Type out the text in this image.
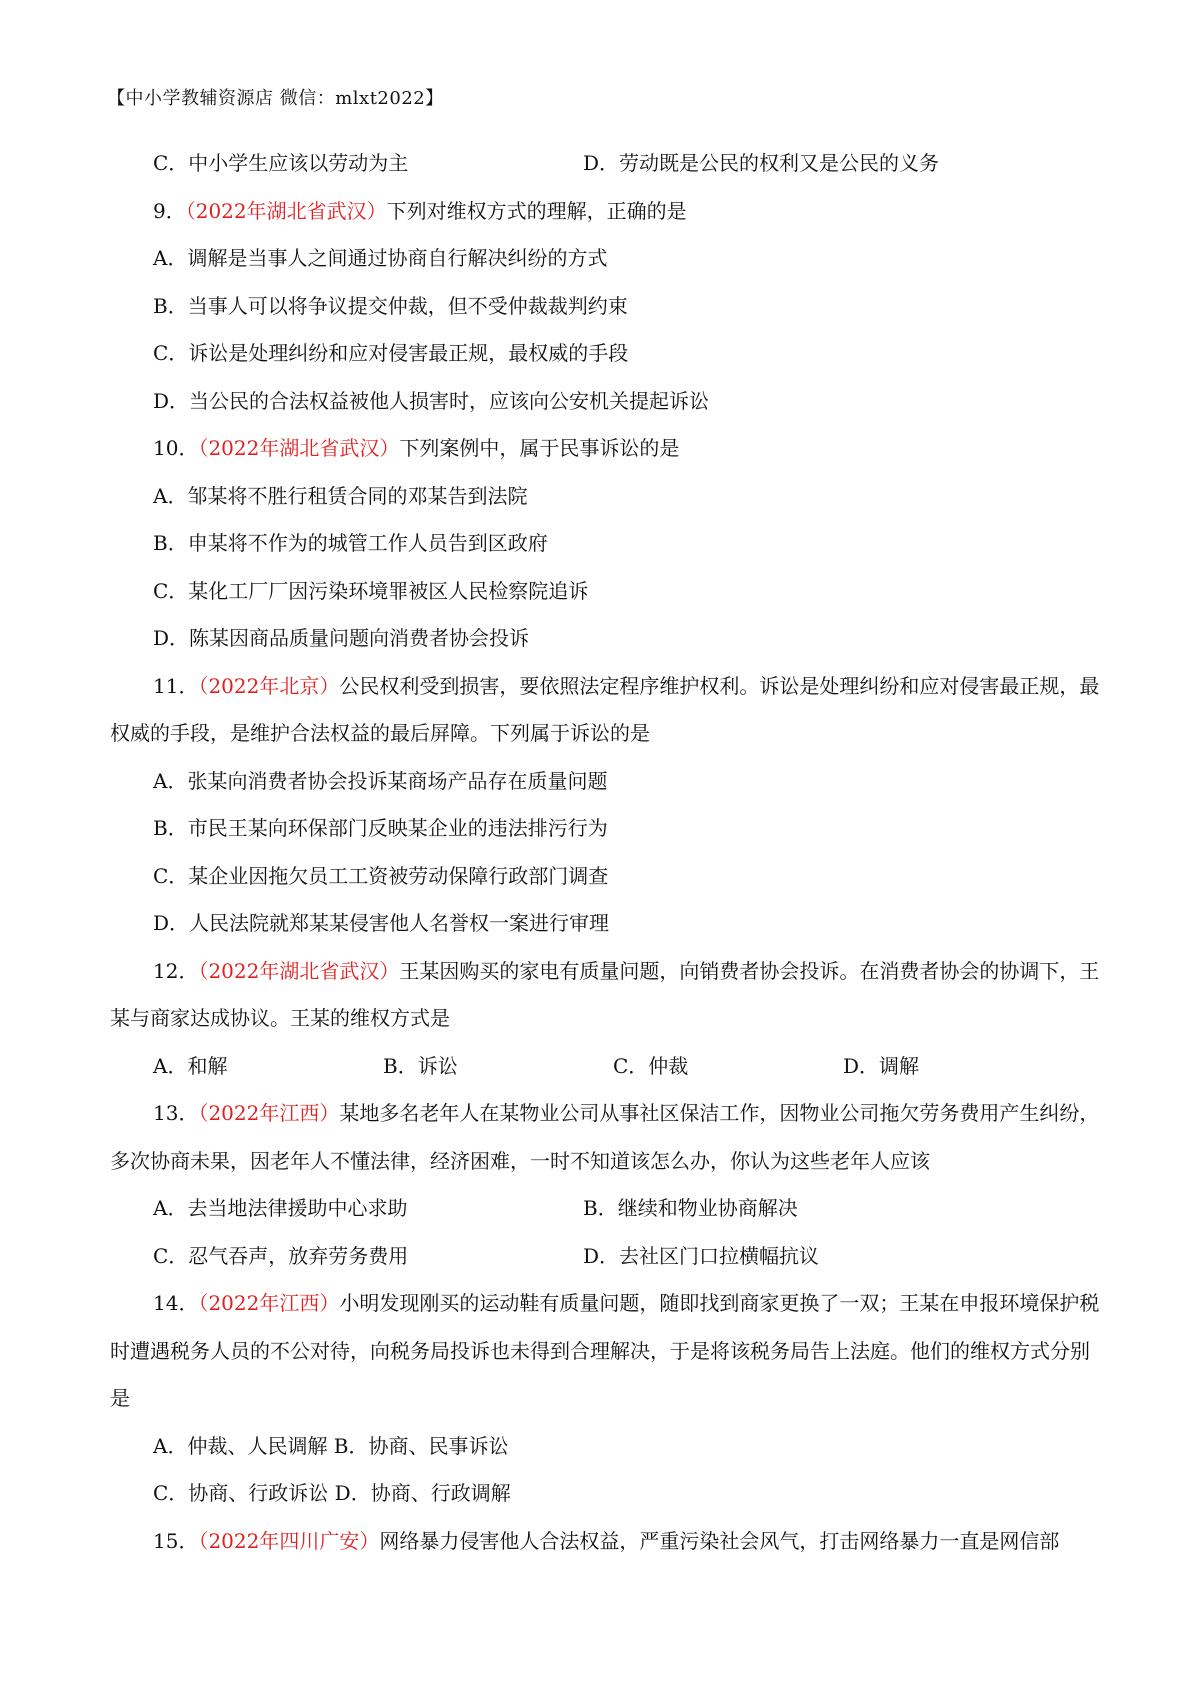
【中小学教辅资源店 微信：mlxt2022】
C．中小学生应该以劳动为主	D．劳动既是公民的权利又是公民的义务
9．（2022年湖北省武汉）下列对维权方式的理解，正确的是
A．调解是当事人之间通过协商自行解决纠纷的方式
B．当事人可以将争议提交仲裁，但不受仲裁裁判约束
C．诉讼是处理纠纷和应对侵害最正规，最权威的手段
D．当公民的合法权益被他人损害时，应该向公安机关提起诉讼
10．（2022年湖北省武汉）下列案例中，属于民事诉讼的是
A．邹某将不胜行租赁合同的邓某告到法院
B．申某将不作为的城管工作人员告到区政府
C．某化工厂厂因污染环境罪被区人民检察院追诉
D．陈某因商品质量问题向消费者协会投诉
11．（2022年北京）公民权利受到损害，要依照法定程序维护权利。诉讼是处理纠纷和应对侵害最正规，最权威的手段，是维护合法权益的最后屏障。下列属于诉讼的是
A．张某向消费者协会投诉某商场产品存在质量问题
B．市民王某向环保部门反映某企业的违法排污行为
C．某企业因拖欠员工工资被劳动保障行政部门调查
D．人民法院就郑某某侵害他人名誉权一案进行审理
12．（2022年湖北省武汉）王某因购买的家电有质量问题，向销费者协会投诉。在消费者协会的协调下，王某与商家达成协议。王某的维权方式是
A．和解	B．诉讼	C．仲裁	D．调解
13．（2022年江西）某地多名老年人在某物业公司从事社区保洁工作，因物业公司拖欠劳务费用产生纠纷，多次协商未果，因老年人不懂法律，经济困难，一时不知道该怎么办，你认为这些老年人应该
A．去当地法律援助中心求助	B．继续和物业协商解决
C．忍气吞声，放弃劳务费用	D．去社区门口拉横幅抗议
14．（2022年江西）小明发现刚买的运动鞋有质量问题，随即找到商家更换了一双；王某在申报环境保护税时遭遇税务人员的不公对待，向税务局投诉也未得到合理解决，于是将该税务局告上法庭。他们的维权方式分别是
A．仲裁、人民调解 B．协商、民事诉讼
C．协商、行政诉讼 D．协商、行政调解
15．（2022年四川广安）网络暴力侵害他人合法权益，严重污染社会风气，打击网络暴力一直是网信部
